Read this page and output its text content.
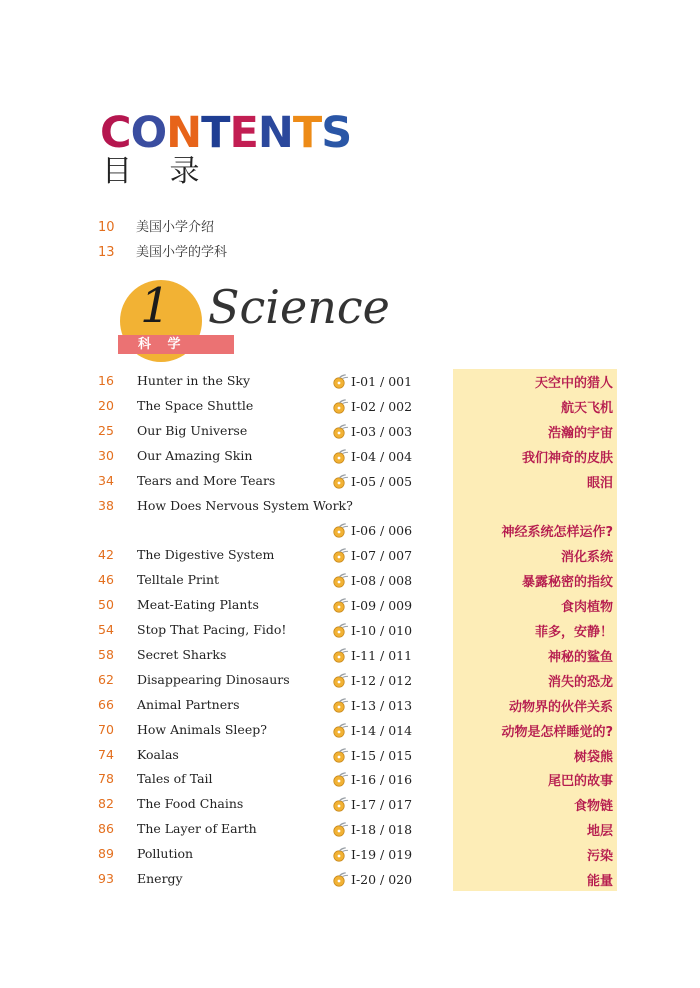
CONTENTS
目 录
10 美国小学介绍
13 美国小学的学科
1
科 学
Science
16 Hunter in the Sky	I-01 / 001	天空中的猎人
20 The Space Shuttle	I-02 / 002	航天飞机
25 Our Big Universe	I-03 / 003	浩瀚的宇宙
30 Our Amazing Skin	I-04 / 004	我们神奇的皮肤
34 Tears and More Tears	I-05 / 005	眼泪
38 How Does Nervous System Work?
I-06 / 006	神经系统怎样运作?
42 The Digestive System	I-07 / 007	消化系统
46 Telltale Print	I-08 / 008	暴露秘密的指纹
50 Meat-Eating Plants	I-09 / 009	食肉植物
54 Stop That Pacing, Fido!	I-10 / 010	菲多，安静！
58 Secret Sharks	I-11 / 011	神秘的鲨鱼
62 Disappearing Dinosaurs	I-12 / 012	消失的恐龙
66 Animal Partners	I-13 / 013	动物界的伙伴关系
70 How Animals Sleep?	I-14 / 014	动物是怎样睡觉的?
74 Koalas	I-15 / 015	树袋熊
78 Tales of Tail	I-16 / 016	尾巴的故事
82 The Food Chains	I-17 / 017	食物链
86 The Layer of Earth	I-18 / 018	地层
89 Pollution	I-19 / 019	污染
93 Energy	I-20 / 020	能量
